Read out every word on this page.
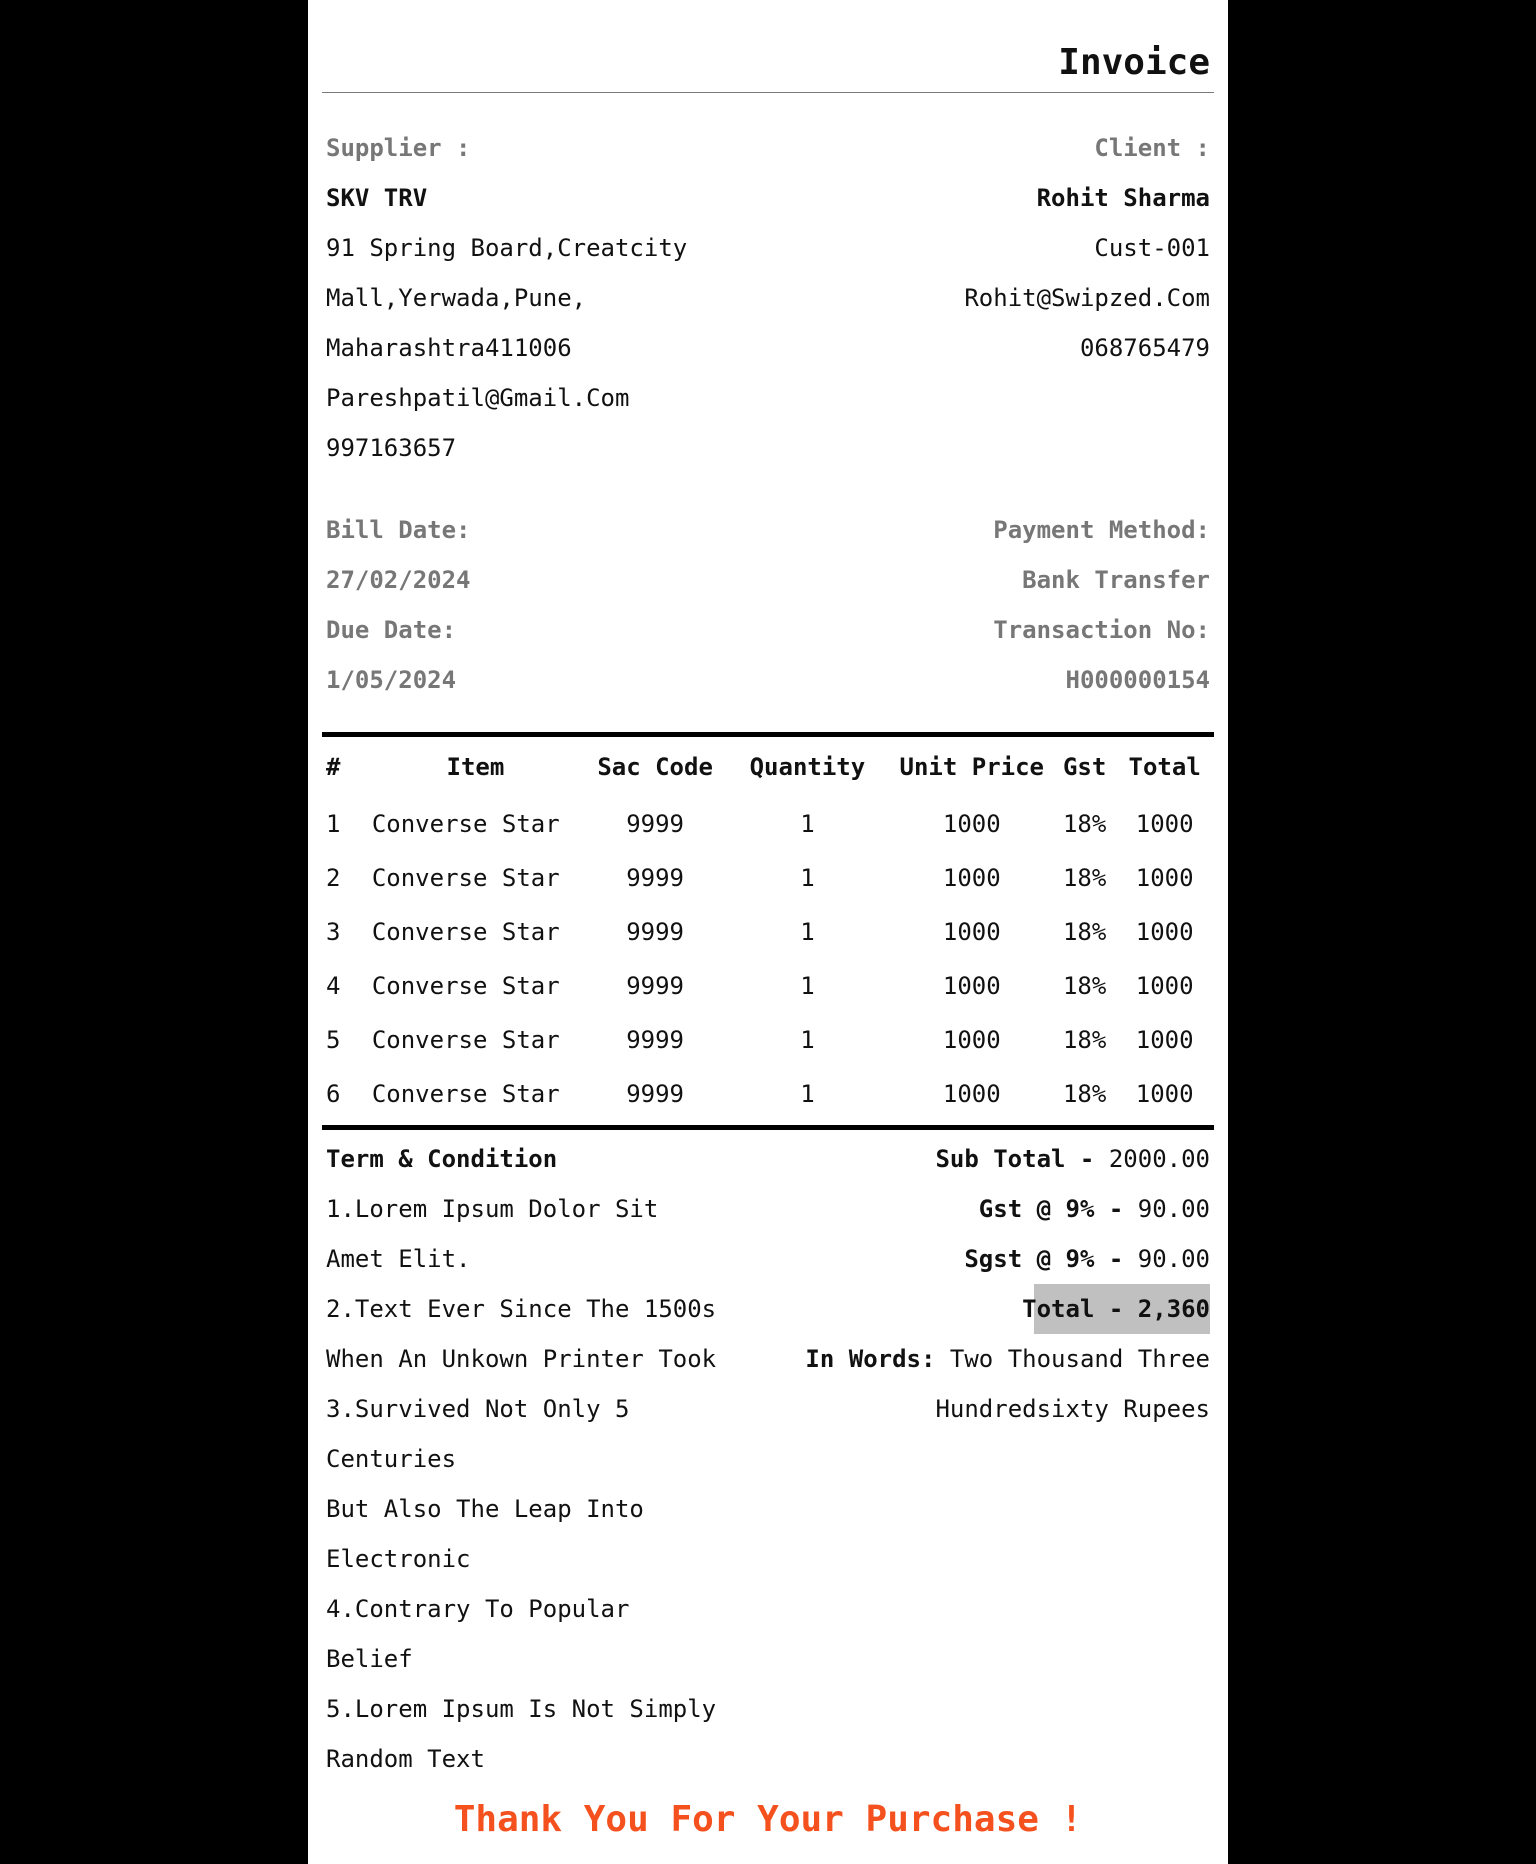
Invoice
Supplier :
SKV TRV
91 Spring Board,Creatcity
Mall,Yerwada,Pune,
Maharashtra411006
Pareshpatil@Gmail.Com
997163657
Client :
Rohit Sharma
Cust-001
Rohit@Swipzed.Com
068765479
Bill Date:
27/02/2024
Due Date:
1/05/2024
Payment Method:
Bank Transfer
Transaction No:
H000000154
#	Item	Sac Code	Quantity	Unit Price	Gst	Total
1	Converse Star	9999	1	1000	18%	1000
2	Converse Star	9999	1	1000	18%	1000
3	Converse Star	9999	1	1000	18%	1000
4	Converse Star	9999	1	1000	18%	1000
5	Converse Star	9999	1	1000	18%	1000
6	Converse Star	9999	1	1000	18%	1000
Term & Condition
1.Lorem Ipsum Dolor Sit
Amet Elit.
2.Text Ever Since The 1500s
When An Unkown Printer Took
3.Survived Not Only 5
Centuries
But Also The Leap Into
Electronic
4.Contrary To Popular
Belief
5.Lorem Ipsum Is Not Simply
Random Text
Sub Total - 2000.00
Gst @ 9% - 90.00
Sgst @ 9% - 90.00
Total - 2,360
In Words: Two Thousand Three
Hundredsixty Rupees
Thank You For Your Purchase !
